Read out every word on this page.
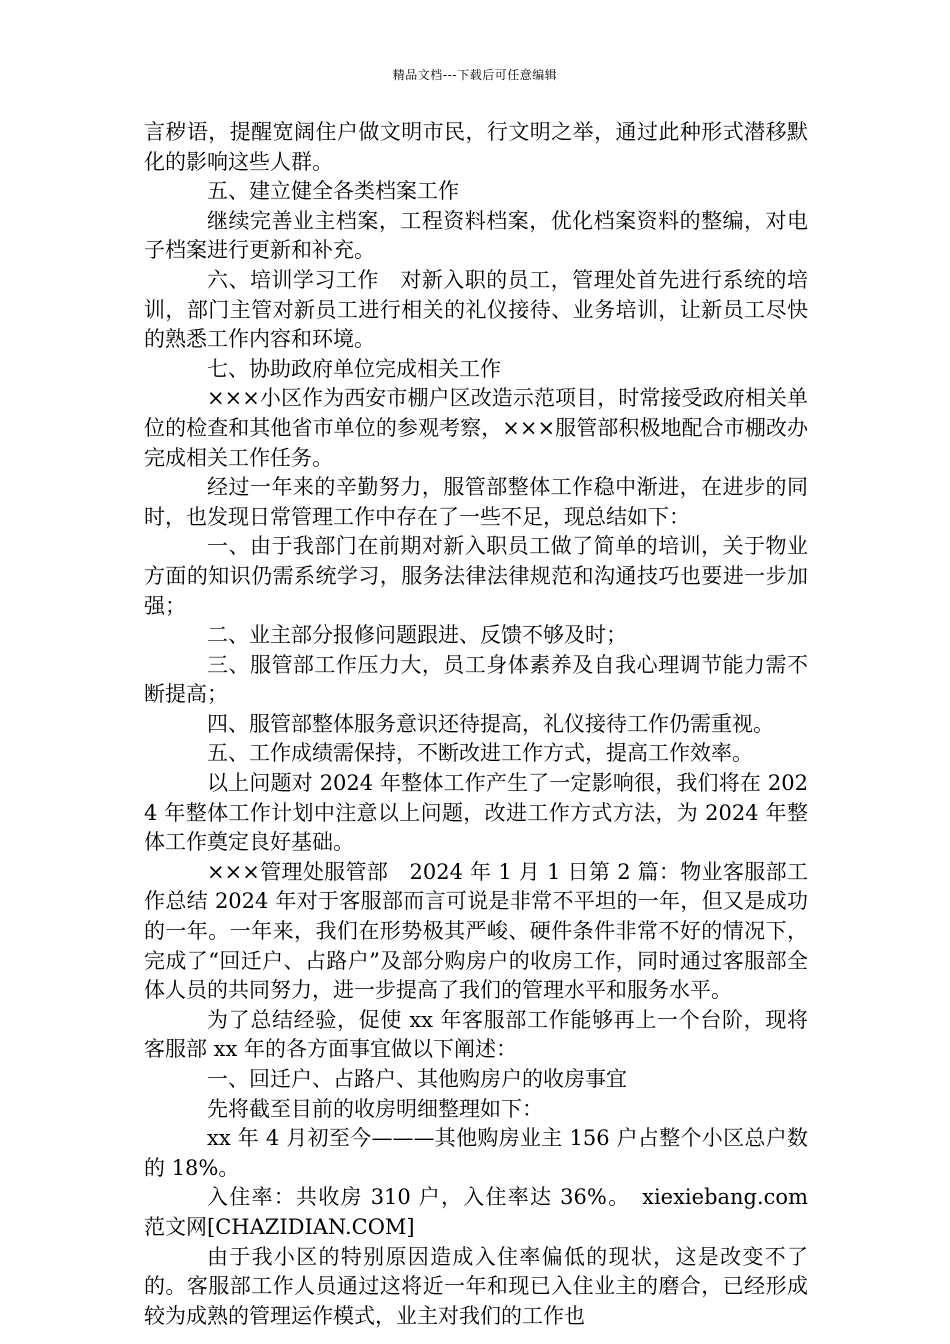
精品文档---下载后可任意编辑

言秽语，提醒宽阔住户做文明市民，行文明之举，通过此种形式潜移默化的影响这些人群。

五、建立健全各类档案工作

继续完善业主档案，工程资料档案，优化档案资料的整编，对电子档案进行更新和补充。

六、培训学习工作　对新入职的员工，管理处首先进行系统的培训，部门主管对新员工进行相关的礼仪接待、业务培训，让新员工尽快的熟悉工作内容和环境。

七、协助政府单位完成相关工作

×××小区作为西安市棚户区改造示范项目，时常接受政府相关单位的检查和其他省市单位的参观考察，×××服管部积极地配合市棚改办完成相关工作任务。

经过一年来的辛勤努力，服管部整体工作稳中渐进，在进步的同时，也发现日常管理工作中存在了一些不足，现总结如下：

一、由于我部门在前期对新入职员工做了简单的培训，关于物业方面的知识仍需系统学习，服务法律法律规范和沟通技巧也要进一步加强；

二、业主部分报修问题跟进、反馈不够及时；

三、服管部工作压力大，员工身体素养及自我心理调节能力需不断提高；

四、服管部整体服务意识还待提高，礼仪接待工作仍需重视。

五、工作成绩需保持，不断改进工作方式，提高工作效率。

以上问题对 2024 年整体工作产生了一定影响很，我们将在 2024 年整体工作计划中注意以上问题，改进工作方式方法，为 2024 年整体工作奠定良好基础。

×××管理处服管部　2024 年 1 月 1 日第 2 篇：物业客服部工作总结 2024 年对于客服部而言可说是非常不平坦的一年，但又是成功的一年。一年来，我们在形势极其严峻、硬件条件非常不好的情况下，完成了“回迁户、占路户”及部分购房户的收房工作，同时通过客服部全体人员的共同努力，进一步提高了我们的管理水平和服务水平。

为了总结经验，促使 xx 年客服部工作能够再上一个台阶，现将客服部 xx 年的各方面事宜做以下阐述：

一、回迁户、占路户、其他购房户的收房事宜

先将截至目前的收房明细整理如下：

xx 年 4 月初至今———其他购房业主 156 户占整个小区总户数的 18%。

入住率：共收房 310 户，入住率达 36%。　xiexiebang.com 范文网[CHAZIDIAN.COM]

由于我小区的特别原因造成入住率偏低的现状，这是改变不了的。客服部工作人员通过这将近一年和现已入住业主的磨合，已经形成较为成熟的管理运作模式，业主对我们的工作也
